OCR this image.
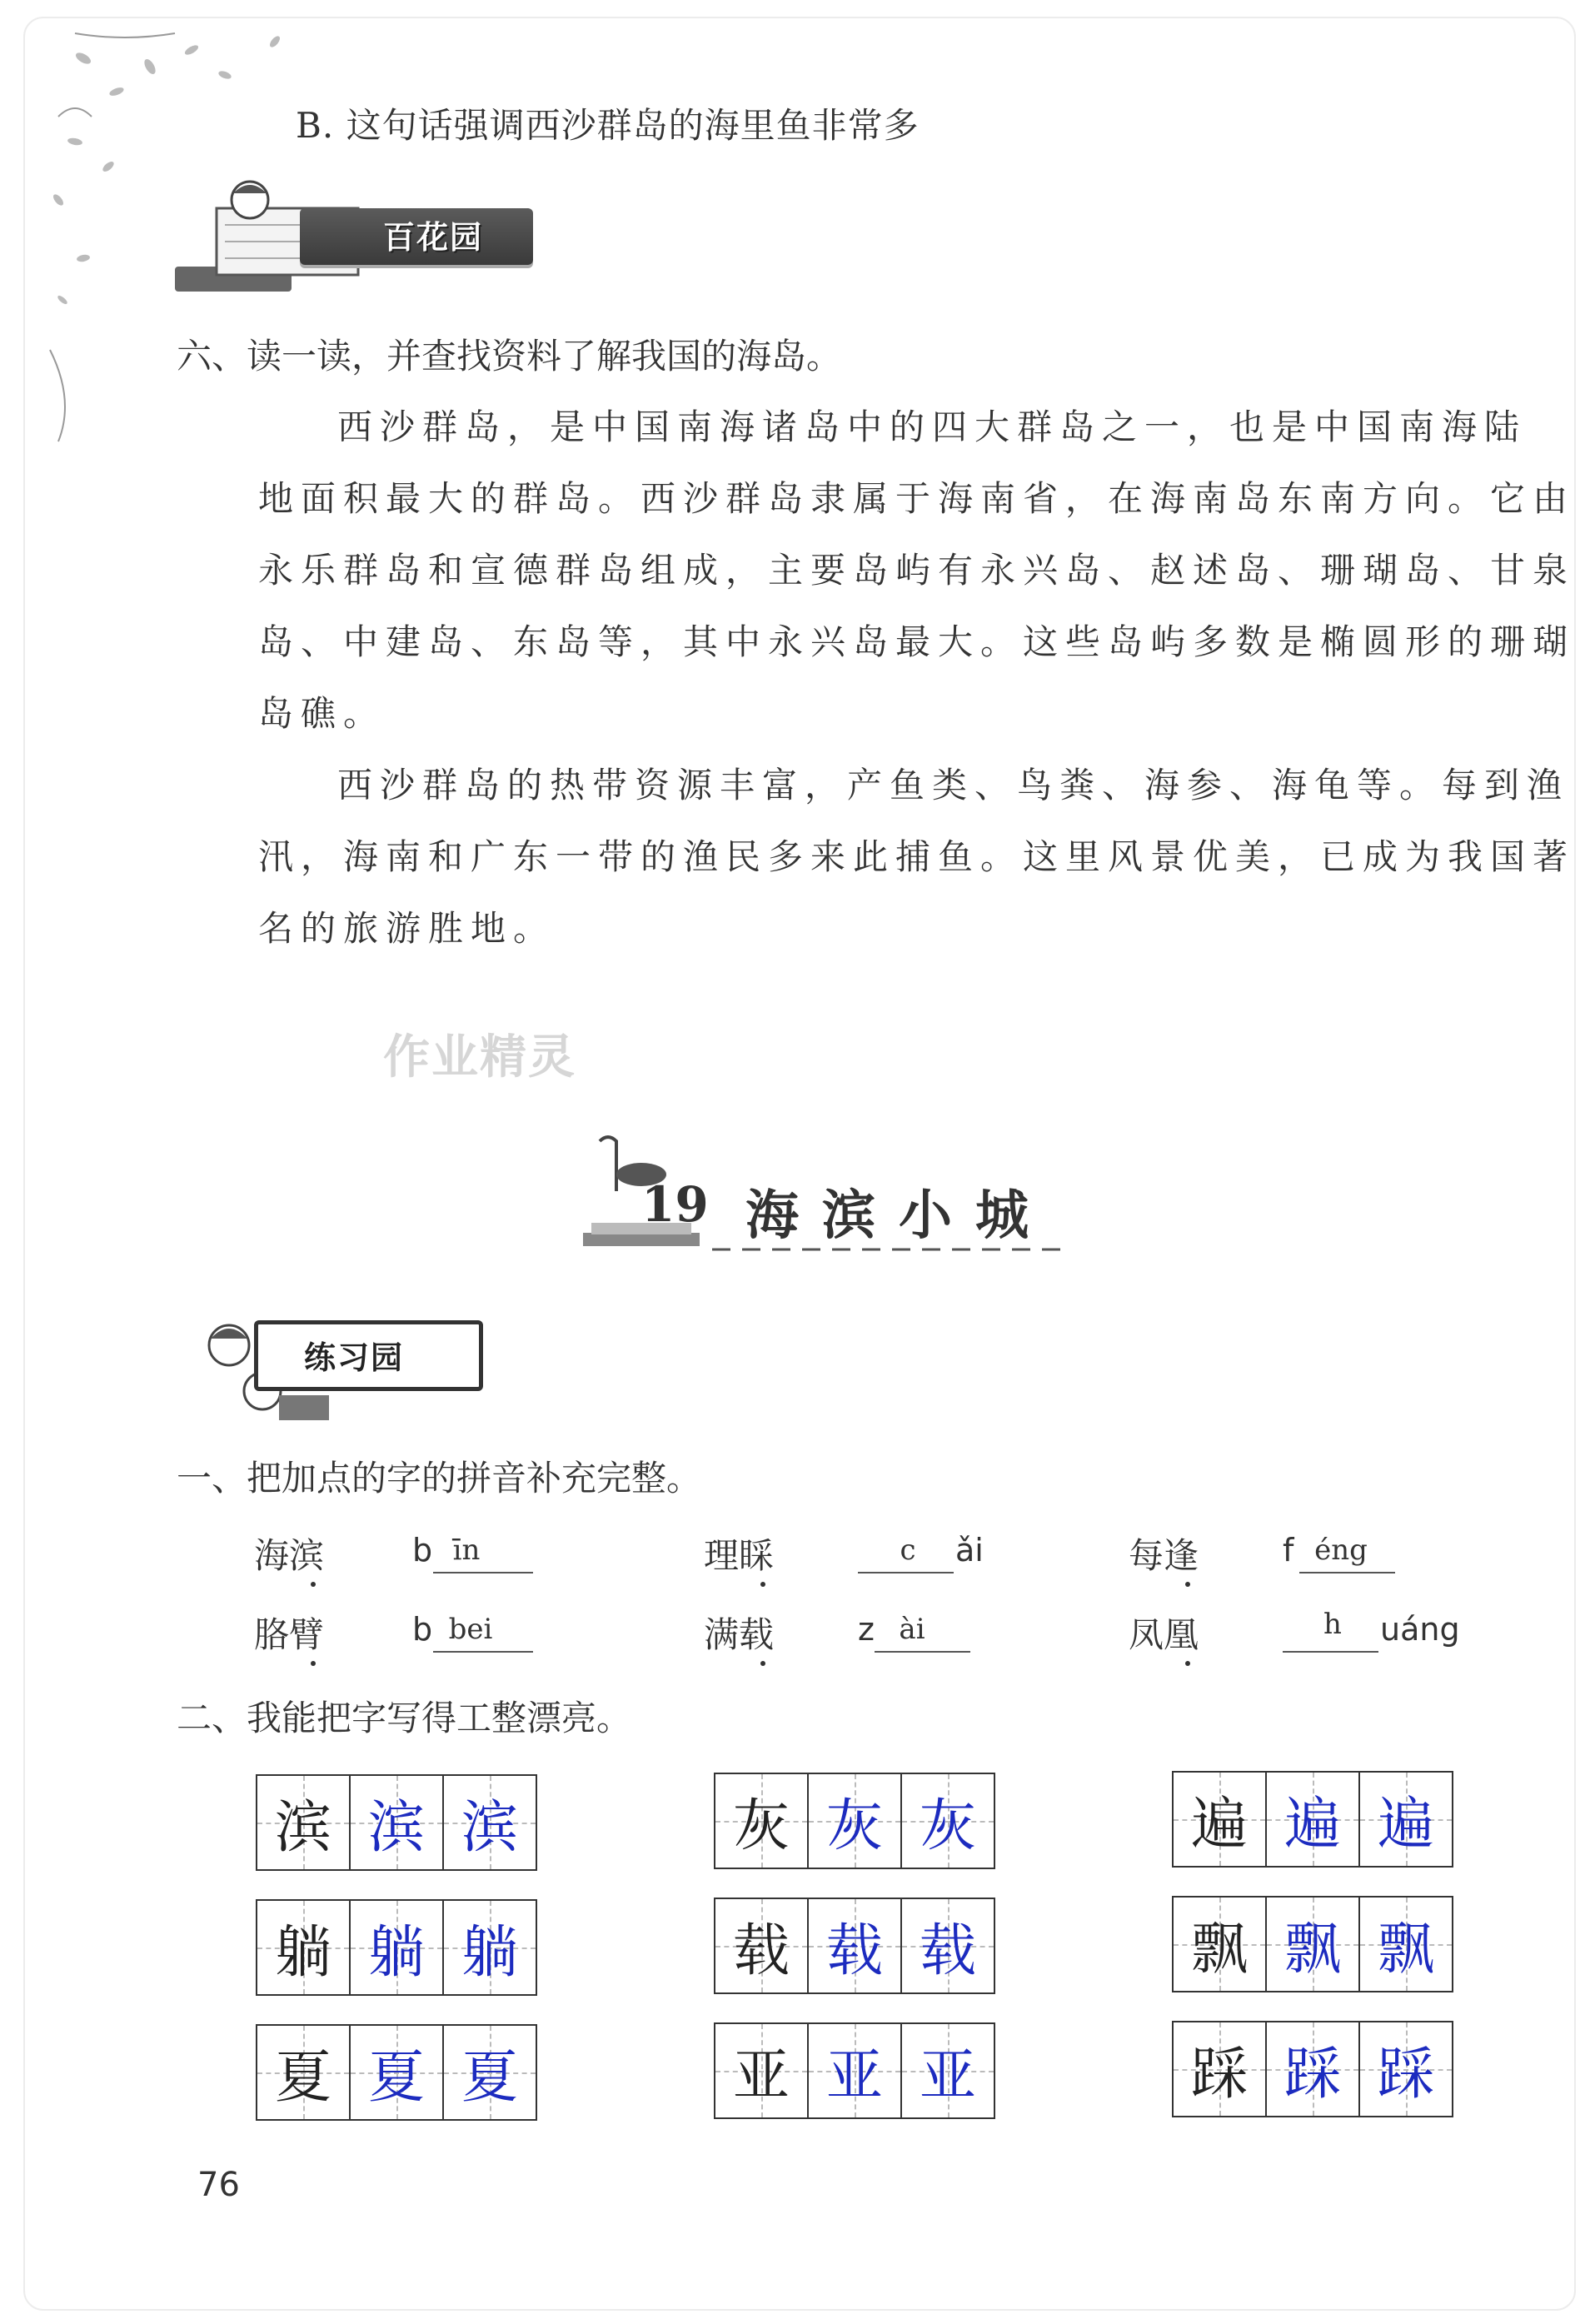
B. 这句话强调西沙群岛的海里鱼非常多
百花园
六、读一读，并查找资料了解我国的海岛。
西沙群岛，是中国南海诸岛中的四大群岛之一，也是中国南海陆
地面积最大的群岛。西沙群岛隶属于海南省，在海南岛东南方向。它由
永乐群岛和宣德群岛组成，主要岛屿有永兴岛、赵述岛、珊瑚岛、甘泉
岛、中建岛、东岛等，其中永兴岛最大。这些岛屿多数是椭圆形的珊瑚
岛礁。
西沙群岛的热带资源丰富，产鱼类、鸟粪、海参、海龟等。每到渔
汛，海南和广东一带的渔民多来此捕鱼。这里风景优美，已成为我国著
名的旅游胜地。
作业精灵
19 海滨小城
练习园
一、把加点的字的拼音补充完整。
海滨	b īn	理睬	c	ǎi	每逢	f éng
胳臂	b bei	满载	z ài	凤凰	h	uáng
二、我能把字写得工整漂亮。
滨 滨 滨	灰 灰 灰	遍 遍 遍
躺 躺 躺	载 载 载	飘 飘 飘
夏 夏 夏	亚 亚 亚	踩 踩 踩
76
